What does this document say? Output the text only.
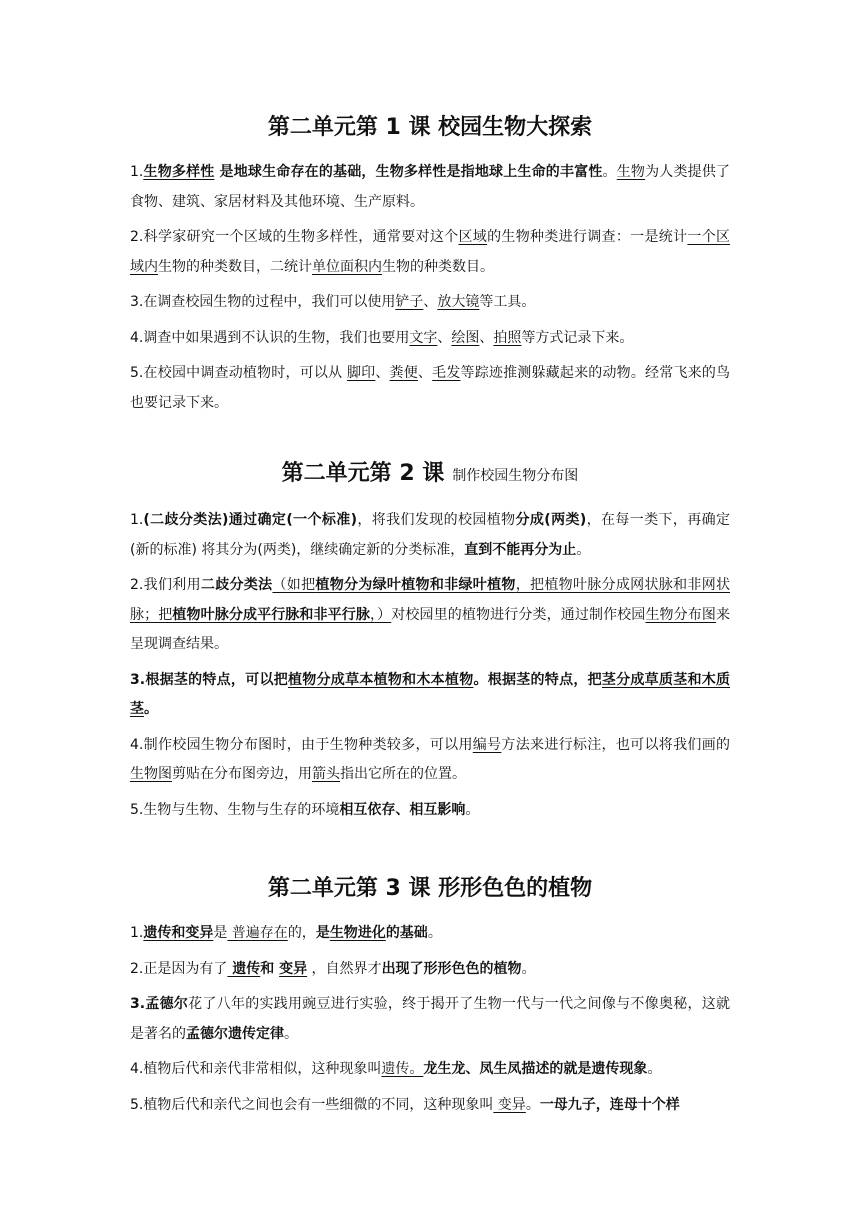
第二单元第 1 课 校园生物大探索

1.生物多样性 是地球生命存在的基础，生物多样性是指地球上生命的丰富性。生物为人类提供了食物、建筑、家居材料及其他环境、生产原料。

2.科学家研究一个区域的生物多样性，通常要对这个区域的生物种类进行调查：一是统计一个区域内生物的种类数目，二统计单位面积内生物的种类数目。

3.在调查校园生物的过程中，我们可以使用铲子、放大镜等工具。

4.调查中如果遇到不认识的生物，我们也要用文字、绘图、拍照等方式记录下来。

5.在校园中调查动植物时，可以从 脚印、粪便、毛发等踪迹推测躲藏起来的动物。经常飞来的鸟也要记录下来。

第二单元第 2 课 制作校园生物分布图

1.(二歧分类法)通过确定(一个标准)，将我们发现的校园植物分成(两类)，在每一类下，再确定(新的标准) 将其分为(两类)，继续确定新的分类标准，直到不能再分为止。

2.我们利用二歧分类法（如把植物分为绿叶植物和非绿叶植物，把植物叶脉分成网状脉和非网状脉；把植物叶脉分成平行脉和非平行脉，）对校园里的植物进行分类，通过制作校园生物分布图来呈现调查结果。

3.根据茎的特点，可以把植物分成草本植物和木本植物。根据茎的特点，把茎分成草质茎和木质茎。

4.制作校园生物分布图时，由于生物种类较多，可以用编号方法来进行标注，也可以将我们画的 生物图剪贴在分布图旁边，用箭头指出它所在的位置。

5.生物与生物、生物与生存的环境相互依存、相互影响。

第二单元第 3 课 形形色色的植物

1.遗传和变异是 普遍存在的，是生物进化的基础。

2.正是因为有了 遗传和 变异 ，自然界才出现了形形色色的植物。

3.孟德尔花了八年的实践用豌豆进行实验，终于揭开了生物一代与一代之间像与不像奥秘，这就是著名的孟德尔遗传定律。

4.植物后代和亲代非常相似，这种现象叫遗传。龙生龙、凤生凤描述的就是遗传现象。

5.植物后代和亲代之间也会有一些细微的不同，这种现象叫 变异。一母九子，连母十个样
